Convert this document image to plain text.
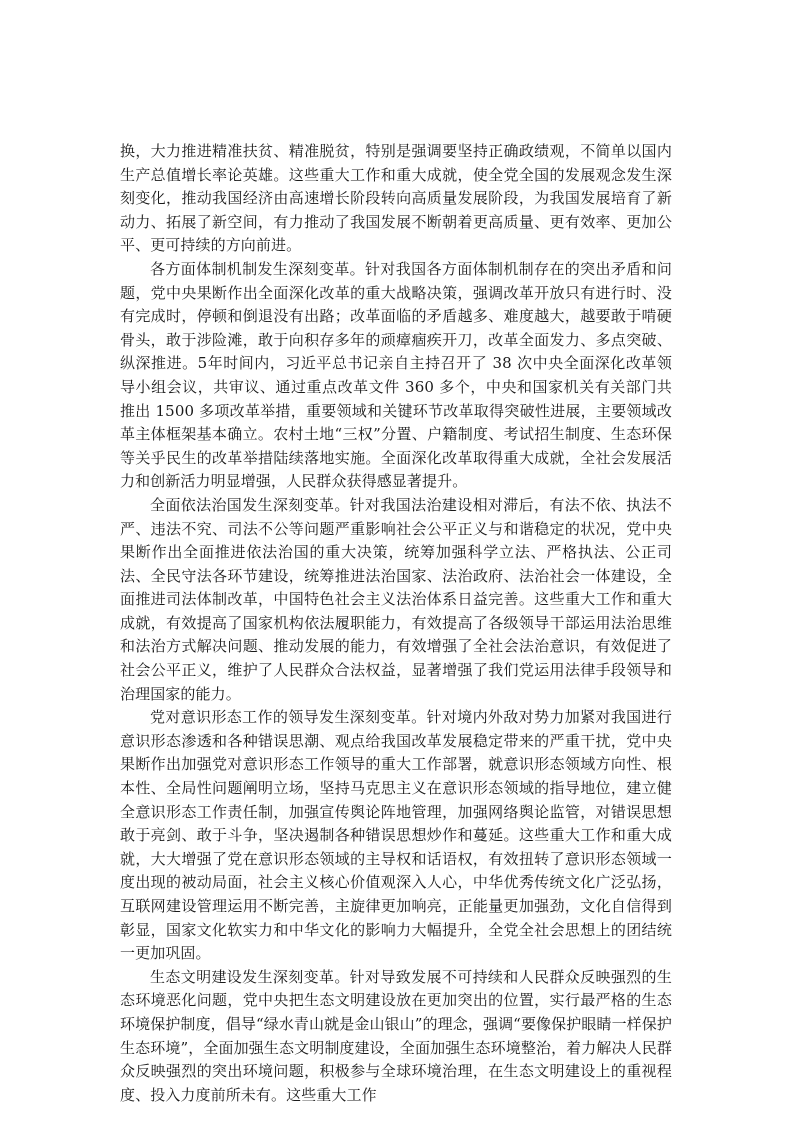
换，大力推进精准扶贫、精准脱贫，特别是强调要坚持正确政绩观，不简单以国内生产总值增长率论英雄。这些重大工作和重大成就，使全党全国的发展观念发生深刻变化，推动我国经济由高速增长阶段转向高质量发展阶段，为我国发展培育了新动力、拓展了新空间，有力推动了我国发展不断朝着更高质量、更有效率、更加公平、更可持续的方向前进。

各方面体制机制发生深刻变革。针对我国各方面体制机制存在的突出矛盾和问题，党中央果断作出全面深化改革的重大战略决策，强调改革开放只有进行时、没有完成时，停顿和倒退没有出路；改革面临的矛盾越多、难度越大，越要敢于啃硬骨头，敢于涉险滩，敢于向积存多年的顽瘴痼疾开刀，改革全面发力、多点突破、纵深推进。5年时间内，习近平总书记亲自主持召开了 38 次中央全面深化改革领导小组会议，共审议、通过重点改革文件 360 多个，中央和国家机关有关部门共推出 1500 多项改革举措，重要领域和关键环节改革取得突破性进展，主要领域改革主体框架基本确立。农村土地“三权”分置、户籍制度、考试招生制度、生态环保等关乎民生的改革举措陆续落地实施。全面深化改革取得重大成就，全社会发展活力和创新活力明显增强，人民群众获得感显著提升。

全面依法治国发生深刻变革。针对我国法治建设相对滞后，有法不依、执法不严、违法不究、司法不公等问题严重影响社会公平正义与和谐稳定的状况，党中央果断作出全面推进依法治国的重大决策，统筹加强科学立法、严格执法、公正司法、全民守法各环节建设，统筹推进法治国家、法治政府、法治社会一体建设，全面推进司法体制改革，中国特色社会主义法治体系日益完善。这些重大工作和重大成就，有效提高了国家机构依法履职能力，有效提高了各级领导干部运用法治思维和法治方式解决问题、推动发展的能力，有效增强了全社会法治意识，有效促进了社会公平正义，维护了人民群众合法权益，显著增强了我们党运用法律手段领导和治理国家的能力。

党对意识形态工作的领导发生深刻变革。针对境内外敌对势力加紧对我国进行意识形态渗透和各种错误思潮、观点给我国改革发展稳定带来的严重干扰，党中央果断作出加强党对意识形态工作领导的重大工作部署，就意识形态领域方向性、根本性、全局性问题阐明立场，坚持马克思主义在意识形态领域的指导地位，建立健全意识形态工作责任制，加强宣传舆论阵地管理，加强网络舆论监管，对错误思想敢于亮剑、敢于斗争，坚决遏制各种错误思想炒作和蔓延。这些重大工作和重大成就，大大增强了党在意识形态领域的主导权和话语权，有效扭转了意识形态领域一度出现的被动局面，社会主义核心价值观深入人心，中华优秀传统文化广泛弘扬，互联网建设管理运用不断完善，主旋律更加响亮，正能量更加强劲，文化自信得到彰显，国家文化软实力和中华文化的影响力大幅提升，全党全社会思想上的团结统一更加巩固。

生态文明建设发生深刻变革。针对导致发展不可持续和人民群众反映强烈的生态环境恶化问题，党中央把生态文明建设放在更加突出的位置，实行最严格的生态环境保护制度，倡导“绿水青山就是金山银山”的理念，强调“要像保护眼睛一样保护生态环境”，全面加强生态文明制度建设，全面加强生态环境整治，着力解决人民群众反映强烈的突出环境问题，积极参与全球环境治理，在生态文明建设上的重视程度、投入力度前所未有。这些重大工作
